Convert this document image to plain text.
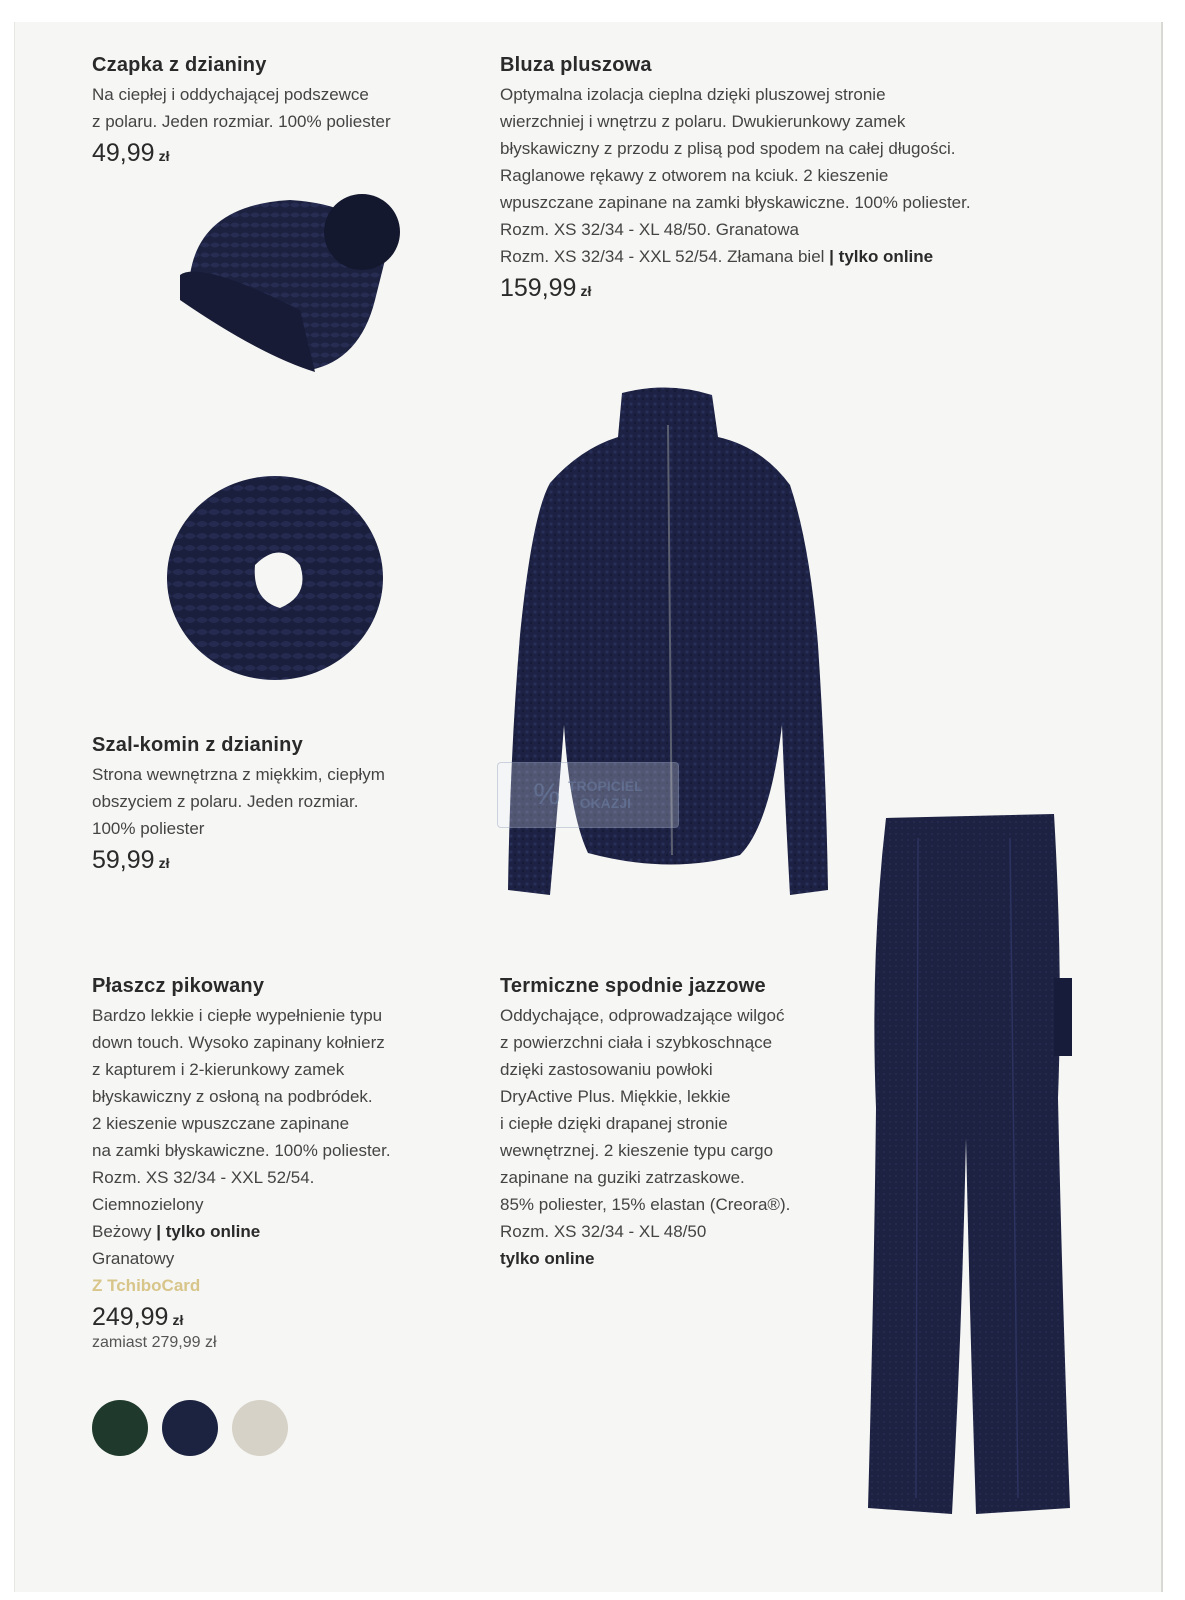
Czapka z dzianiny
Na ciepłej i oddychającej podszewce
z polaru. Jeden rozmiar. 100% poliester
49,99 zł
Bluza pluszowa
Optymalna izolacja cieplna dzięki pluszowej stronie
wierzchniej i wnętrzu z polaru. Dwukierunkowy zamek
błyskawiczny z przodu z plisą pod spodem na całej długości.
Raglanowe rękawy z otworem na kciuk. 2 kieszenie
wpuszczane zapinane na zamki błyskawiczne. 100% poliester.
Rozm. XS 32/34 - XL 48/50. Granatowa
Rozm. XS 32/34 - XXL 52/54. Złamana biel | tylko online
159,99 zł
% TROPICIEL
OKAZJI
Szal-komin z dzianiny
Strona wewnętrzna z miękkim, ciepłym
obszyciem z polaru. Jeden rozmiar.
100% poliester
59,99 zł
Płaszcz pikowany
Bardzo lekkie i ciepłe wypełnienie typu
down touch. Wysoko zapinany kołnierz
z kapturem i 2-kierunkowy zamek
błyskawiczny z osłoną na podbródek.
2 kieszenie wpuszczane zapinane
na zamki błyskawiczne. 100% poliester.
Rozm. XS 32/34 - XXL 52/54.
Ciemnozielony
Beżowy | tylko online
Granatowy
Z TchiboCard
249,99 zł
zamiast 279,99 zł
Termiczne spodnie jazzowe
Oddychające, odprowadzające wilgoć
z powierzchni ciała i szybkoschnące
dzięki zastosowaniu powłoki
DryActive Plus. Miękkie, lekkie
i ciepłe dzięki drapanej stronie
wewnętrznej. 2 kieszenie typu cargo
zapinane na guziki zatrzaskowe.
85% poliester, 15% elastan (Creora®).
Rozm. XS 32/34 - XL 48/50
tylko online
